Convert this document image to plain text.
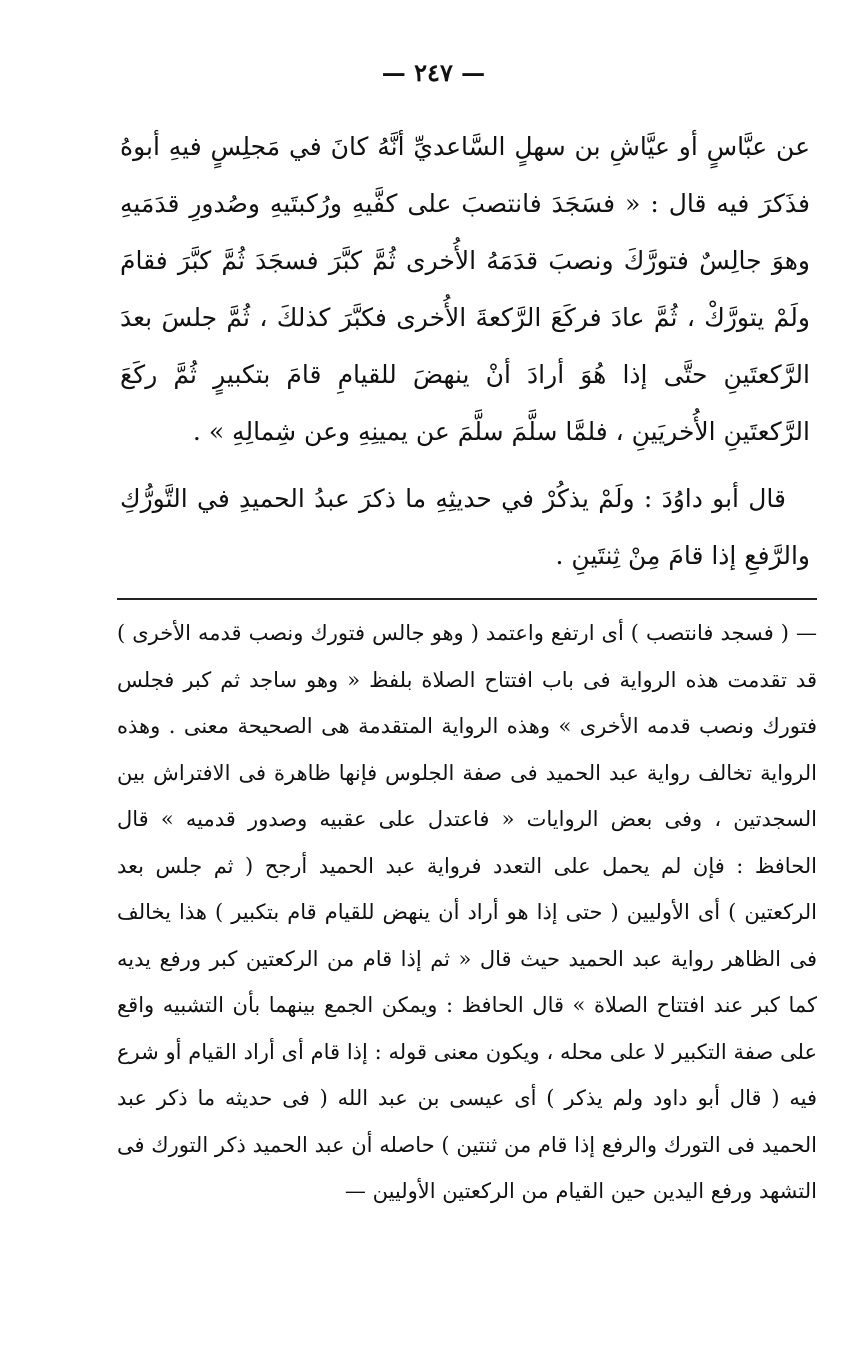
— ٢٤٧ —

عن عبَّاسٍ أو عيَّاشِ بن سهلٍ السَّاعديِّ أنَّهُ كانَ في مَجلِسٍ فيهِ أبوهُ فذَكرَ فيه قال : « فسَجَدَ فانتصبَ على كفَّيهِ ورُكبتَيهِ وصُدورِ قدَمَيهِ وهوَ جالِسٌ فتورَّكَ ونصبَ قدَمَهُ الأُخرى ثُمَّ كبَّرَ فسجَدَ ثُمَّ كبَّرَ فقامَ ولَمْ يتورَّكْ ، ثُمَّ عادَ فركَعَ الرَّكعةَ الأُخرى فكبَّرَ كذلكَ ، ثُمَّ جلسَ بعدَ الرَّكعتَينِ حتَّى إذا هُوَ أرادَ أنْ ينهضَ للقيامِ قامَ بتكبيرٍ ثُمَّ ركَعَ الرَّكعتَينِ الأُخريَينِ ، فلمَّا سلَّمَ سلَّمَ عن يمينِهِ وعن شِمالِهِ » .

قال أبو داوُدَ : ولَمْ يذكُرْ في حديثِهِ ما ذكرَ عبدُ الحميدِ في التَّورُّكِ والرَّفعِ إذا قامَ مِنْ ثِنتَينِ .

— ( فسجد فانتصب ) أى ارتفع واعتمد ( وهو جالس فتورك ونصب قدمه الأخرى ) قد تقدمت هذه الرواية فى باب افتتاح الصلاة بلفظ « وهو ساجد ثم كبر فجلس فتورك ونصب قدمه الأخرى » وهذه الرواية المتقدمة هى الصحيحة معنى . وهذه الرواية تخالف رواية عبد الحميد فى صفة الجلوس فإنها ظاهرة فى الافتراش بين السجدتين ، وفى بعض الروايات « فاعتدل على عقبيه وصدور قدميه » قال الحافظ : فإن لم يحمل على التعدد فرواية عبد الحميد أرجح ( ثم جلس بعد الركعتين ) أى الأوليين ( حتى إذا هو أراد أن ينهض للقيام قام بتكبير ) هذا يخالف فى الظاهر رواية عبد الحميد حيث قال « ثم إذا قام من الركعتين كبر ورفع يديه كما كبر عند افتتاح الصلاة » قال الحافظ : ويمكن الجمع بينهما بأن التشبيه واقع على صفة التكبير لا على محله ، ويكون معنى قوله : إذا قام أى أراد القيام أو شرع فيه ( قال أبو داود ولم يذكر ) أى عيسى بن عبد الله ( فى حديثه ما ذكر عبد الحميد فى التورك والرفع إذا قام من ثنتين ) حاصله أن عبد الحميد ذكر التورك فى التشهد ورفع اليدين حين القيام من الركعتين الأوليين —
